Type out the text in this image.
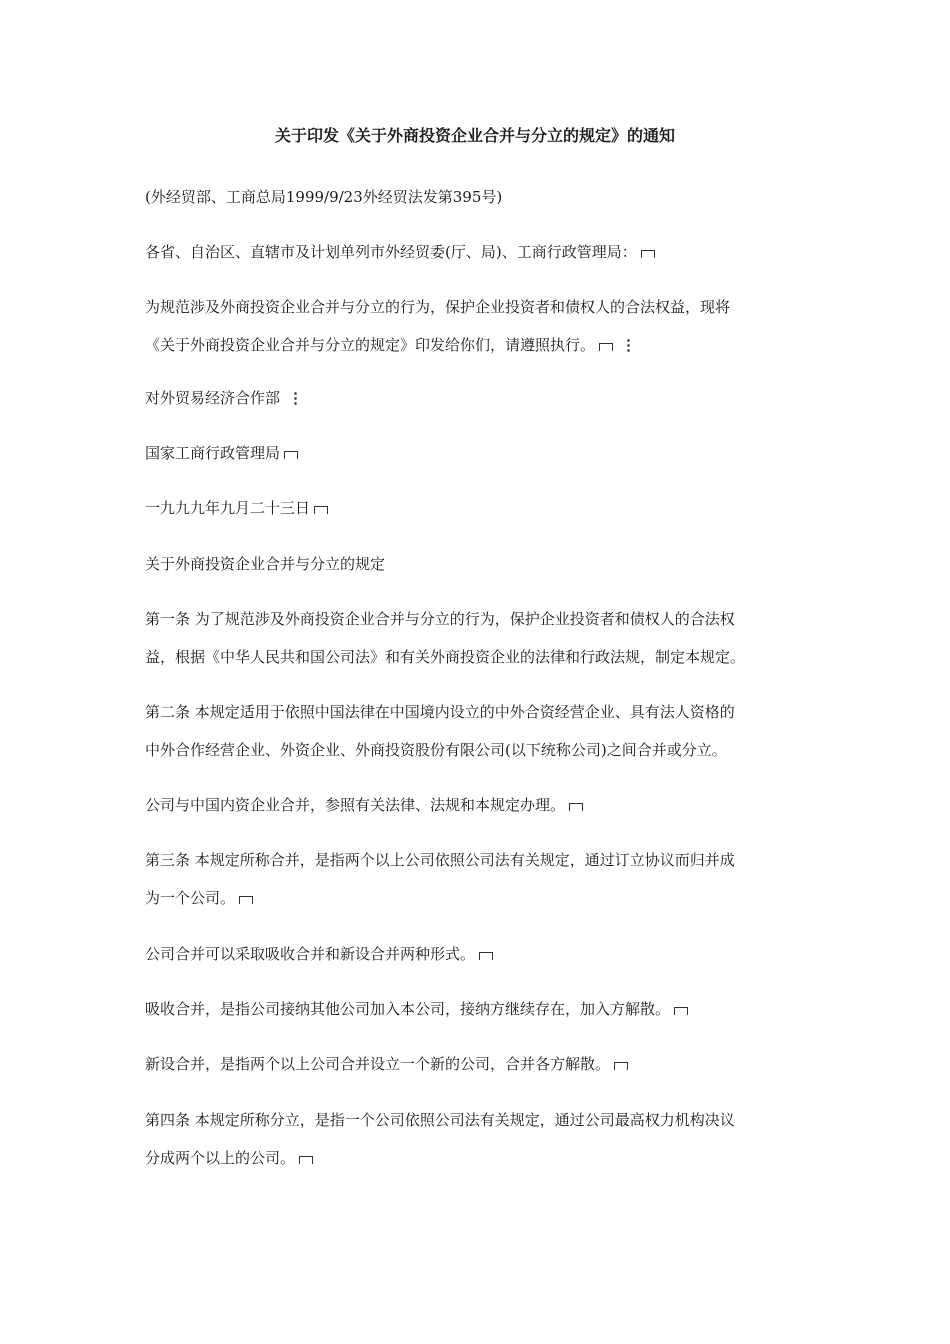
关于印发《关于外商投资企业合并与分立的规定》的通知
(外经贸部、工商总局1999/9/23外经贸法发第395号)
各省、自治区、直辖市及计划单列市外经贸委(厅、局)、工商行政管理局：
为规范涉及外商投资企业合并与分立的行为，保护企业投资者和债权人的合法权益，现将
《关于外商投资企业合并与分立的规定》印发给你们，请遵照执行。 ⋮
对外贸易经济合作部 ⋮
国家工商行政管理局
一九九九年九月二十三日
关于外商投资企业合并与分立的规定
第一条 为了规范涉及外商投资企业合并与分立的行为，保护企业投资者和债权人的合法权
益，根据《中华人民共和国公司法》和有关外商投资企业的法律和行政法规，制定本规定。
第二条 本规定适用于依照中国法律在中国境内设立的中外合资经营企业、具有法人资格的
中外合作经营企业、外资企业、外商投资股份有限公司(以下统称公司)之间合并或分立。
公司与中国内资企业合并，参照有关法律、法规和本规定办理。
第三条 本规定所称合并，是指两个以上公司依照公司法有关规定，通过订立协议而归并成
为一个公司。
公司合并可以采取吸收合并和新设合并两种形式。
吸收合并，是指公司接纳其他公司加入本公司，接纳方继续存在，加入方解散。
新设合并，是指两个以上公司合并设立一个新的公司，合并各方解散。
第四条 本规定所称分立，是指一个公司依照公司法有关规定，通过公司最高权力机构决议
分成两个以上的公司。
